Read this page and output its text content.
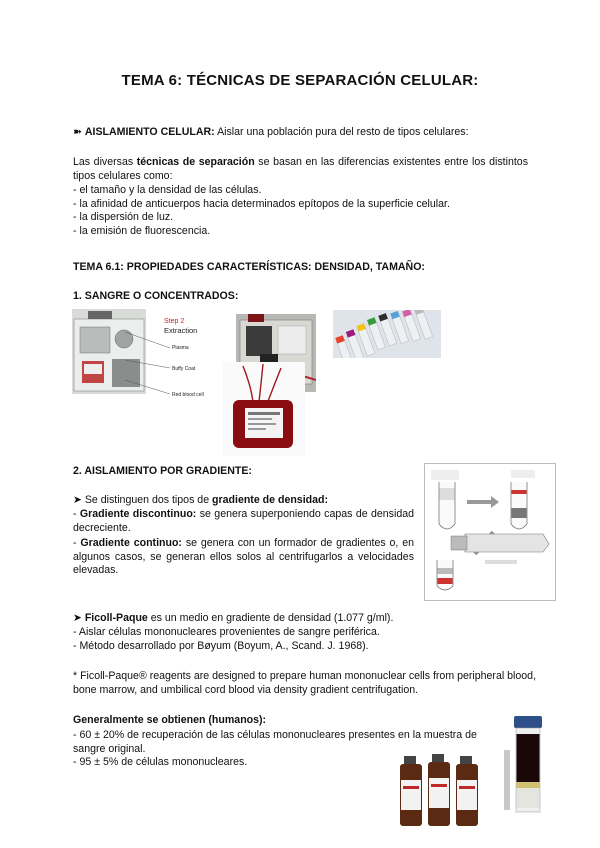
TEMA 6: TÉCNICAS DE SEPARACIÓN CELULAR:
➽ AISLAMIENTO CELULAR: Aislar una población pura del resto de tipos celulares:
Las diversas técnicas de separación se basan en las diferencias existentes entre los distintos tipos celulares como:
- el tamaño y la densidad de las células.
- la afinidad de anticuerpos hacia determinados epítopos de la superficie celular.
- la dispersión de luz.
- la emisión de fluorescencia.
TEMA 6.1: PROPIEDADES CARACTERÍSTICAS: DENSIDAD, TAMAÑO:
1. SANGRE O CONCENTRADOS:
Step 2
Extraction
Plasma
Buffy Coat
Red blood cell
2. AISLAMIENTO POR GRADIENTE:
➤ Se distinguen dos tipos de gradiente de densidad:
- Gradiente discontinuo: se genera superponiendo capas de densidad decreciente.
- Gradiente continuo: se genera con un formador de gradientes o, en algunos casos, se generan ellos solos al centrifugarlos a velocidades elevadas.
➤ Ficoll-Paque es un medio en gradiente de densidad (1.077 g/ml).
- Aislar células mononucleares provenientes de sangre periférica.
- Método desarrollado por Bøyum (Boyum, A., Scand. J. 1968).
* Ficoll-Paque® reagents are designed to prepare human mononuclear cells from peripheral blood, bone marrow, and umbilical cord blood via density gradient centrifugation.
Generalmente se obtienen (humanos):
- 60 ± 20% de recuperación de las células mononucleares presentes en la muestra de sangre original.
- 95 ± 5% de células mononucleares.
